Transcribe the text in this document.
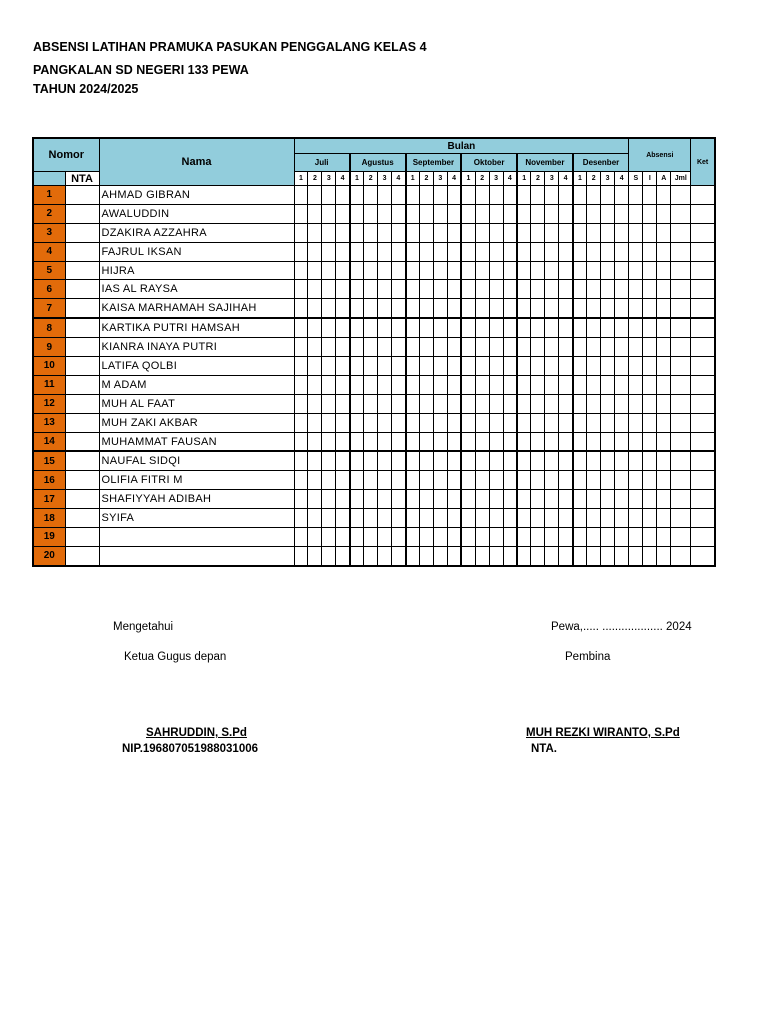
ABSENSI LATIHAN PRAMUKA PASUKAN PENGGALANG KELAS 4
PANGKALAN SD NEGERI 133 PEWA
TAHUN 2024/2025
Nomor		Nama	Bulan																								Absensi				Ket
			Juli				Agustus				September				Oktober				November				Desenber								
	NTA		1	2	3	4	1	2	3	4	1	2	3	4	1	2	3	4	1	2	3	4	1	2	3	4	S	I	A	Jml	
1		AHMAD GIBRAN																													
2		AWALUDDIN																													
3		DZAKIRA AZZAHRA																													
4		FAJRUL IKSAN																													
5		HIJRA																													
6		IAS AL RAYSA																													
7		KAISA MARHAMAH SAJIHAH																													
8		KARTIKA PUTRI HAMSAH																													
9		KIANRA INAYA PUTRI																													
10		LATIFA QOLBI																													
11		M ADAM																													
12		MUH AL FAAT																													
13		MUH ZAKI AKBAR																													
14		MUHAMMAT FAUSAN																													
15		NAUFAL SIDQI																													
16		OLIFIA FITRI M																													
17		SHAFIYYAH ADIBAH																													
18		SYIFA																													
19																															
20																															
Mengetahui
Ketua Gugus depan
SAHRUDDIN, S.Pd
NIP.196807051988031006
Pewa,..... ................... 2024
Pembina
MUH REZKI WIRANTO, S.Pd
NTA.
